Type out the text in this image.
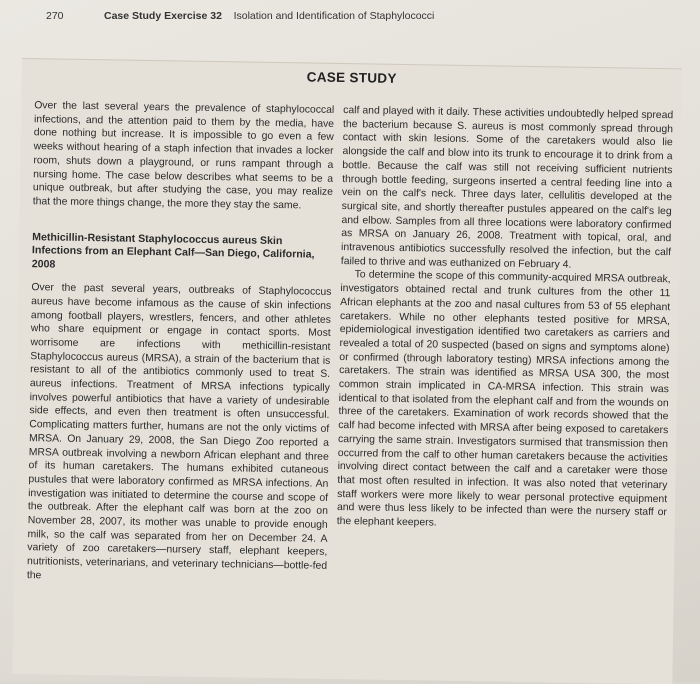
270	Case Study Exercise 32 Isolation and Identification of Staphylococci
CASE STUDY

Over the last several years the prevalence of staphylococcal infections, and the attention paid to them by the media, have done nothing but increase. It is impossible to go even a few weeks without hearing of a staph infection that invades a locker room, shuts down a playground, or runs rampant through a nursing home. The case below describes what seems to be a unique outbreak, but after studying the case, you may realize that the more things change, the more they stay the same.

Methicillin-Resistant Staphylococcus aureus Skin Infections from an Elephant Calf—San Diego, California, 2008

Over the past several years, outbreaks of Staphylococcus aureus have become infamous as the cause of skin infections among football players, wrestlers, fencers, and other athletes who share equipment or engage in contact sports. Most worrisome are infections with methicillin-resistant Staphylococcus aureus (MRSA), a strain of the bacterium that is resistant to all of the antibiotics commonly used to treat S. aureus infections. Treatment of MRSA infections typically involves powerful antibiotics that have a variety of undesirable side effects, and even then treatment is often unsuccessful. Complicating matters further, humans are not the only victims of MRSA. On January 29, 2008, the San Diego Zoo reported a MRSA outbreak involving a newborn African elephant and three of its human caretakers. The humans exhibited cutaneous pustules that were laboratory confirmed as MRSA infections. An investigation was initiated to determine the course and scope of the outbreak. After the elephant calf was born at the zoo on November 28, 2007, its mother was unable to provide enough milk, so the calf was separated from her on December 24. A variety of zoo caretakers—nursery staff, elephant keepers, nutritionists, veterinarians, and veterinary technicians—bottle-fed the

calf and played with it daily. These activities undoubtedly helped spread the bacterium because S. aureus is most commonly spread through contact with skin lesions. Some of the caretakers would also lie alongside the calf and blow into its trunk to encourage it to drink from a bottle. Because the calf was still not receiving sufficient nutrients through bottle feeding, surgeons inserted a central feeding line into a vein on the calf's neck. Three days later, cellulitis developed at the surgical site, and shortly thereafter pustules appeared on the calf's leg and elbow. Samples from all three locations were laboratory confirmed as MRSA on January 26, 2008. Treatment with topical, oral, and intravenous antibiotics successfully resolved the infection, but the calf failed to thrive and was euthanized on February 4.

To determine the scope of this community-acquired MRSA outbreak, investigators obtained rectal and trunk cultures from the other 11 African elephants at the zoo and nasal cultures from 53 of 55 elephant caretakers. While no other elephants tested positive for MRSA, epidemiological investigation identified two caretakers as carriers and revealed a total of 20 suspected (based on signs and symptoms alone) or confirmed (through laboratory testing) MRSA infections among the caretakers. The strain was identified as MRSA USA 300, the most common strain implicated in CA-MRSA infection. This strain was identical to that isolated from the elephant calf and from the wounds on three of the caretakers. Examination of work records showed that the calf had become infected with MRSA after being exposed to caretakers carrying the same strain. Investigators surmised that transmission then occurred from the calf to other human caretakers because the activities involving direct contact between the calf and a caretaker were those that most often resulted in infection. It was also noted that veterinary staff workers were more likely to wear personal protective equipment and were thus less likely to be infected than were the nursery staff or the elephant keepers.
